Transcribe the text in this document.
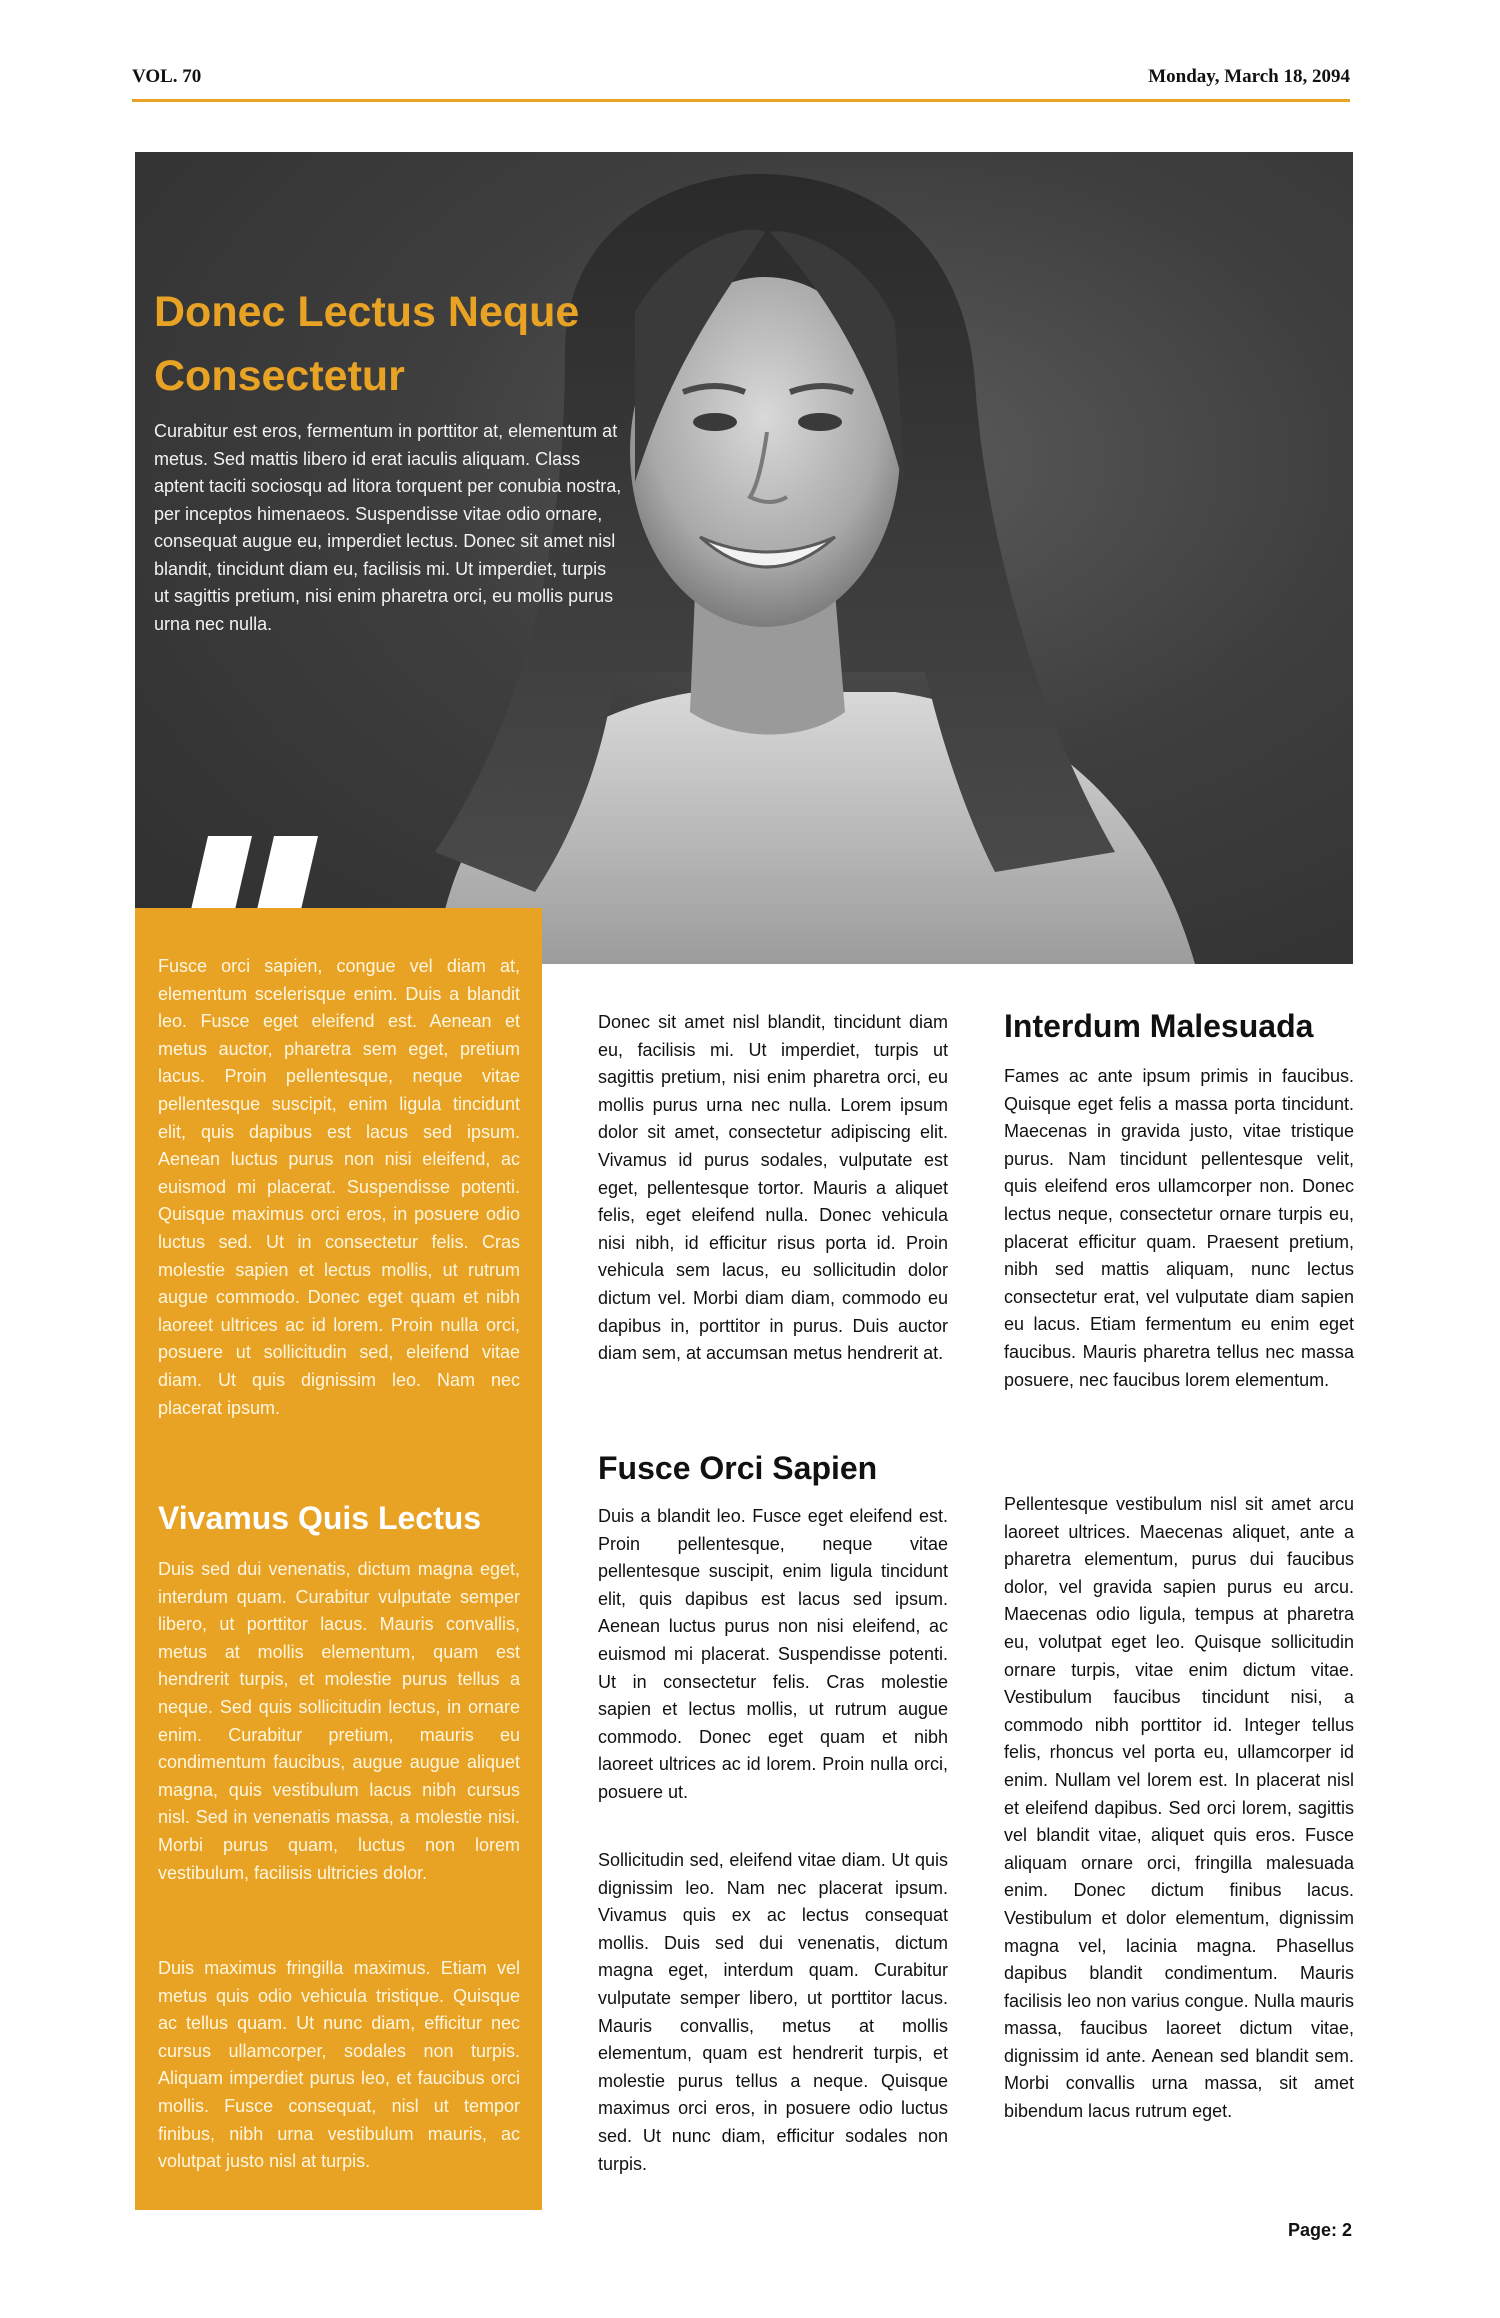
VOL. 70	Monday, March 18, 2094
Donec Lectus Neque Consectetur
Curabitur est eros, fermentum in porttitor at, elementum at metus. Sed mattis libero id erat iaculis aliquam. Class aptent taciti sociosqu ad litora torquent per conubia nostra, per inceptos himenaeos. Suspendisse vitae odio ornare, consequat augue eu, imperdiet lectus. Donec sit amet nisl blandit, tincidunt diam eu, facilisis mi. Ut imperdiet, turpis ut sagittis pretium, nisi enim pharetra orci, eu mollis purus urna nec nulla.

Fusce orci sapien, congue vel diam at, elementum scelerisque enim. Duis a blandit leo. Fusce eget eleifend est. Aenean et metus auctor, pharetra sem eget, pretium lacus. Proin pellentesque, neque vitae pellentesque suscipit, enim ligula tincidunt elit, quis dapibus est lacus sed ipsum. Aenean luctus purus non nisi eleifend, ac euismod mi placerat. Suspendisse potenti. Quisque maximus orci eros, in posuere odio luctus sed. Ut in consectetur felis. Cras molestie sapien et lectus mollis, ut rutrum augue commodo. Donec eget quam et nibh laoreet ultrices ac id lorem. Proin nulla orci, posuere ut sollicitudin sed, eleifend vitae diam. Ut quis dignissim leo. Nam nec placerat ipsum.

Vivamus Quis Lectus

Duis sed dui venenatis, dictum magna eget, interdum quam. Curabitur vulputate semper libero, ut porttitor lacus. Mauris convallis, metus at mollis elementum, quam est hendrerit turpis, et molestie purus tellus a neque. Sed quis sollicitudin lectus, in ornare enim. Curabitur pretium, mauris eu condimentum faucibus, augue augue aliquet magna, quis vestibulum lacus nibh cursus nisl. Sed in venenatis massa, a molestie nisi. Morbi purus quam, luctus non lorem vestibulum, facilisis ultricies dolor.

Duis maximus fringilla maximus. Etiam vel metus quis odio vehicula tristique. Quisque ac tellus quam. Ut nunc diam, efficitur nec cursus ullamcorper, sodales non turpis. Aliquam imperdiet purus leo, et faucibus orci mollis. Fusce consequat, nisl ut tempor finibus, nibh urna vestibulum mauris, ac volutpat justo nisl at turpis.

Donec sit amet nisl blandit, tincidunt diam eu, facilisis mi. Ut imperdiet, turpis ut sagittis pretium, nisi enim pharetra orci, eu mollis purus urna nec nulla. Lorem ipsum dolor sit amet, consectetur adipiscing elit. Vivamus id purus sodales, vulputate est eget, pellentesque tortor. Mauris a aliquet felis, eget eleifend nulla. Donec vehicula nisi nibh, id efficitur risus porta id. Proin vehicula sem lacus, eu sollicitudin dolor dictum vel. Morbi diam diam, commodo eu dapibus in, porttitor in purus. Duis auctor diam sem, at accumsan metus hendrerit at.

Fusce Orci Sapien

Duis a blandit leo. Fusce eget eleifend est. Proin pellentesque, neque vitae pellentesque suscipit, enim ligula tincidunt elit, quis dapibus est lacus sed ipsum. Aenean luctus purus non nisi eleifend, ac euismod mi placerat. Suspendisse potenti. Ut in consectetur felis. Cras molestie sapien et lectus mollis, ut rutrum augue commodo. Donec eget quam et nibh laoreet ultrices ac id lorem. Proin nulla orci, posuere ut.

Sollicitudin sed, eleifend vitae diam. Ut quis dignissim leo. Nam nec placerat ipsum. Vivamus quis ex ac lectus consequat mollis. Duis sed dui venenatis, dictum magna eget, interdum quam. Curabitur vulputate semper libero, ut porttitor lacus. Mauris convallis, metus at mollis elementum, quam est hendrerit turpis, et molestie purus tellus a neque. Quisque maximus orci eros, in posuere odio luctus sed. Ut nunc diam, efficitur sodales non turpis.

Interdum Malesuada

Fames ac ante ipsum primis in faucibus. Quisque eget felis a massa porta tincidunt. Maecenas in gravida justo, vitae tristique purus. Nam tincidunt pellentesque velit, quis eleifend eros ullamcorper non. Donec lectus neque, consectetur ornare turpis eu, placerat efficitur quam. Praesent pretium, nibh sed mattis aliquam, nunc lectus consectetur erat, vel vulputate diam sapien eu lacus. Etiam fermentum eu enim eget faucibus. Mauris pharetra tellus nec massa posuere, nec faucibus lorem elementum.

Pellentesque vestibulum nisl sit amet arcu laoreet ultrices. Maecenas aliquet, ante a pharetra elementum, purus dui faucibus dolor, vel gravida sapien purus eu arcu. Maecenas odio ligula, tempus at pharetra eu, volutpat eget leo. Quisque sollicitudin ornare turpis, vitae enim dictum vitae. Vestibulum faucibus tincidunt nisi, a commodo nibh porttitor id. Integer tellus felis, rhoncus vel porta eu, ullamcorper id enim. Nullam vel lorem est. In placerat nisl et eleifend dapibus. Sed orci lorem, sagittis vel blandit vitae, aliquet quis eros. Fusce aliquam ornare orci, fringilla malesuada enim. Donec dictum finibus lacus. Vestibulum et dolor elementum, dignissim magna vel, lacinia magna. Phasellus dapibus blandit condimentum. Mauris facilisis leo non varius congue. Nulla mauris massa, faucibus laoreet dictum vitae, dignissim id ante. Aenean sed blandit sem. Morbi convallis urna massa, sit amet bibendum lacus rutrum eget.

Page: 2
